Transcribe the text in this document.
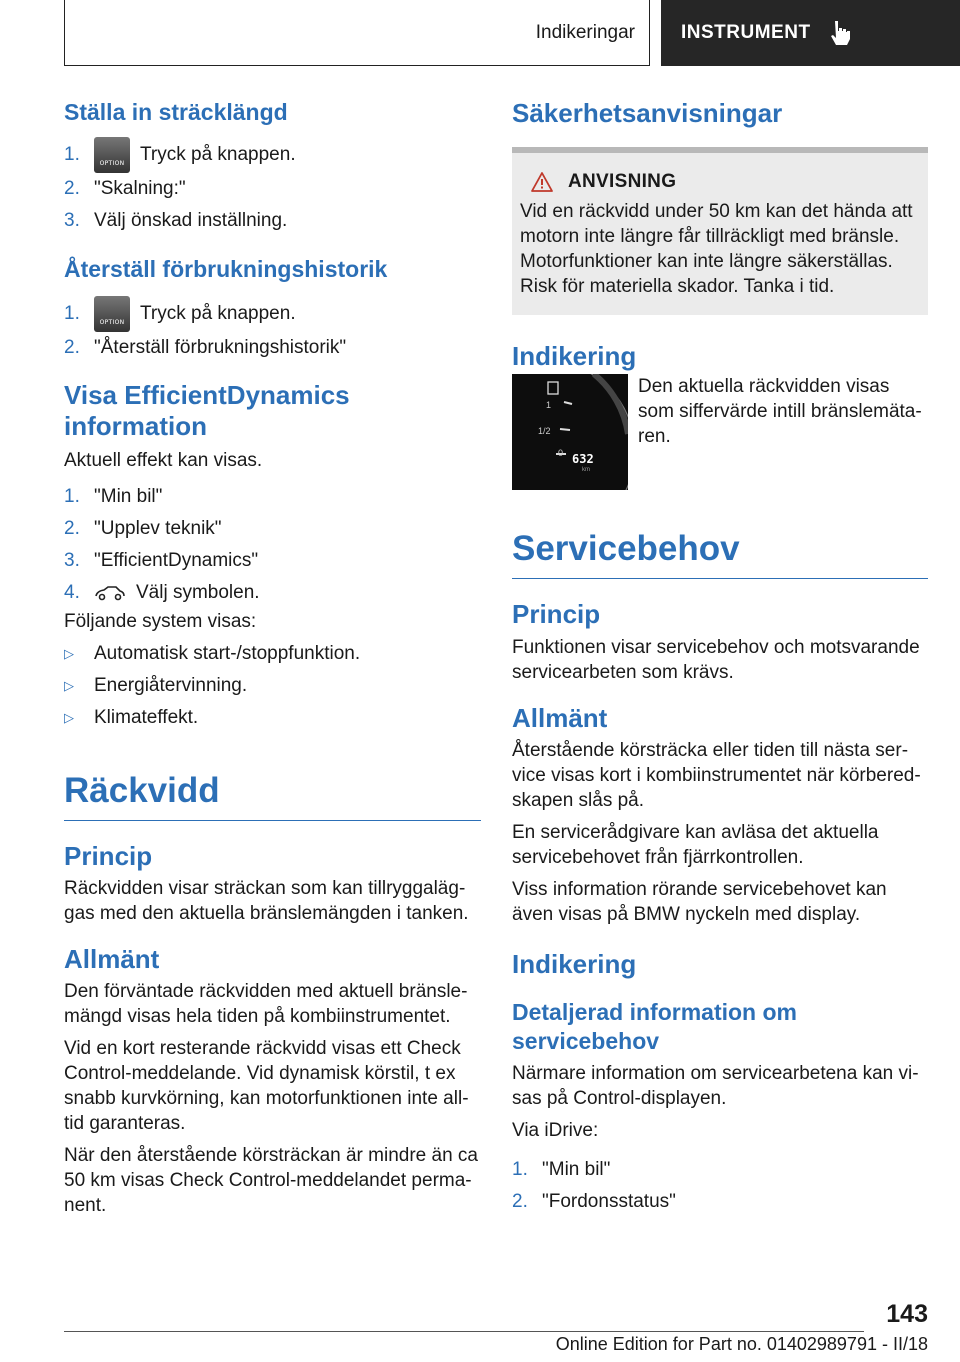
Indikeringar INSTRUMENT
Ställa in sträcklängd
1.	OPTION Tryck på knappen.
2. "Skalning:"
3. Välj önskad inställning.
Återställ förbrukningshistorik
1.	OPTION Tryck på knappen.
2. "Återställ förbrukningshistorik"
Visa EfficientDynamics
information

Aktuell effekt kan visas.

1. "Min bil"
2. "Upplev teknik"
3. "EfficientDynamics"
4.	Välj symbolen.

Följande system visas:

▷	Automatisk start-/stoppfunktion.
▷	Energiåtervinning.
▷	Klimateffekt.
Räckvidd
Princip

Räckvidden visar sträckan som kan tillryggaläggas med den aktuella bränslemängden i tanken.

Allmänt

Den förväntade räckvidden med aktuell bränslemängd visas hela tiden på kombiinstrumentet.

Vid en kort resterande räckvidd visas ett Check Control-meddelande. Vid dynamisk körstil, t ex snabb kurvkörning, kan motorfunktionen inte alltid garanteras.

När den återstående körsträckan är mindre än ca 50 km visas Check Control-meddelandet permanent.

Säkerhetsanvisningar
ANVISNING

Vid en räckvidd under 50 km kan det hända att motorn inte längre får tillräckligt med bränsle. Motorfunktioner kan inte längre säkerställas. Risk för materiella skador. Tanka i tid.

Indikering
1
1/2
0 632
km

Den aktuella räckvidden visas som siffervärde intill bränslemätaren.

Servicebehov
Princip

Funktionen visar servicebehov och motsvarande servicearbeten som krävs.

Allmänt

Återstående körsträcka eller tiden till nästa service visas kort i kombiinstrumentet när körberedskapen slås på.

En servicerådgivare kan avläsa det aktuella servicebehovet från fjärrkontrollen.

Viss information rörande servicebehovet kan även visas på BMW nyckeln med display.

Indikering
Detaljerad information om servicebehov

Närmare information om servicearbetena kan visas på Control-displayen.

Via iDrive:

1. "Min bil"
2. "Fordonsstatus"
143
Online Edition for Part no. 01402989791 - II/18
